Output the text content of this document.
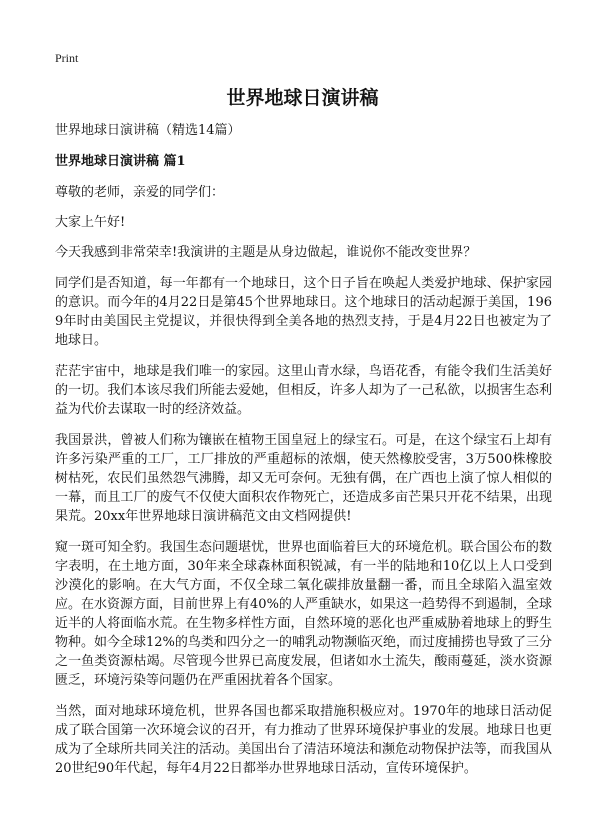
Print
世界地球日演讲稿
世界地球日演讲稿（精选14篇）
世界地球日演讲稿 篇1

尊敬的老师，亲爱的同学们：

大家上午好!

今天我感到非常荣幸!我演讲的主题是从身边做起，谁说你不能改变世界？

同学们是否知道，每一年都有一个地球日，这个日子旨在唤起人类爱护地球、保护家园的意识。而今年的4月22日是第45个世界地球日。这个地球日的活动起源于美国，1969年时由美国民主党提议，并很快得到全美各地的热烈支持，于是4月22日也被定为了地球日。

茫茫宇宙中，地球是我们唯一的家园。这里山青水绿，鸟语花香，有能令我们生活美好的一切。我们本该尽我们所能去爱她，但相反，许多人却为了一己私欲，以损害生态利益为代价去谋取一时的经济效益。

我国景洪，曾被人们称为镶嵌在植物王国皇冠上的绿宝石。可是，在这个绿宝石上却有许多污染严重的工厂，工厂排放的严重超标的浓烟，使天然橡胶受害，3万500株橡胶树枯死，农民们虽然怨气沸腾，却又无可奈何。无独有偶，在广西也上演了惊人相似的一幕，而且工厂的废气不仅使大面积农作物死亡，还造成多亩芒果只开花不结果，出现果荒。20xx年世界地球日演讲稿范文由文档网提供!

窥一斑可知全豹。我国生态问题堪忧，世界也面临着巨大的环境危机。联合国公布的数字表明，在土地方面，30年来全球森林面积锐减，有一半的陆地和10亿以上人口受到沙漠化的影响。在大气方面，不仅全球二氧化碳排放量翻一番，而且全球陷入温室效应。在水资源方面，目前世界上有40%的人严重缺水，如果这一趋势得不到遏制，全球近半的人将面临水荒。在生物多样性方面，自然环境的恶化也严重威胁着地球上的野生物种。如今全球12%的鸟类和四分之一的哺乳动物濒临灭绝，而过度捕捞也导致了三分之一鱼类资源枯竭。尽管现今世界已高度发展，但诸如水土流失，酸雨蔓延，淡水资源匮乏，环境污染等问题仍在严重困扰着各个国家。

当然，面对地球环境危机，世界各国也都采取措施积极应对。1970年的地球日活动促成了联合国第一次环境会议的召开，有力推动了世界环境保护事业的发展。地球日也更成为了全球所共同关注的活动。美国出台了清洁环境法和濒危动物保护法等，而我国从20世纪90年代起，每年4月22日都举办世界地球日活动，宣传环境保护。
